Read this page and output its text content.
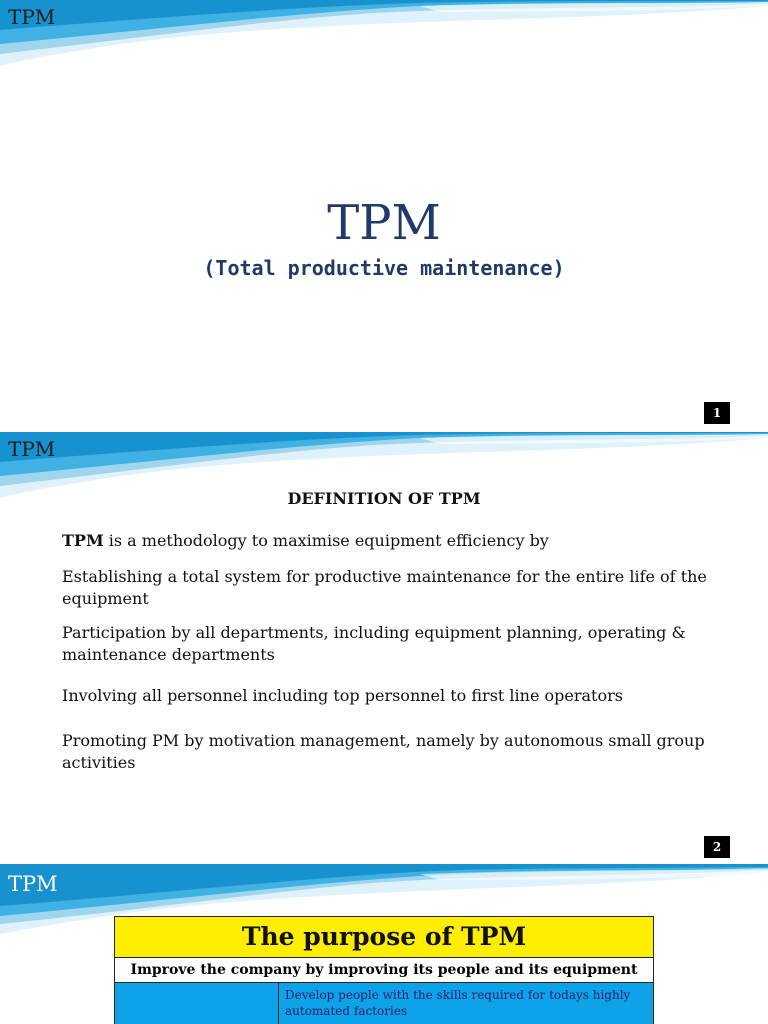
TPM
TPM
(Total productive maintenance)
1
TPM
DEFINITION OF TPM
TPM is a methodology to maximise equipment efficiency by
Establishing a total system for productive maintenance for the entire life of the equipment
Participation by all departments, including equipment planning, operating & maintenance departments
Involving all personnel including top personnel to first line operators
Promoting PM by motivation management, namely by autonomous small group activities
2
TPM
The purpose of TPM
Improve the company by improving its people and its equipment
Develop people with the skills required for todays highly automated factories
